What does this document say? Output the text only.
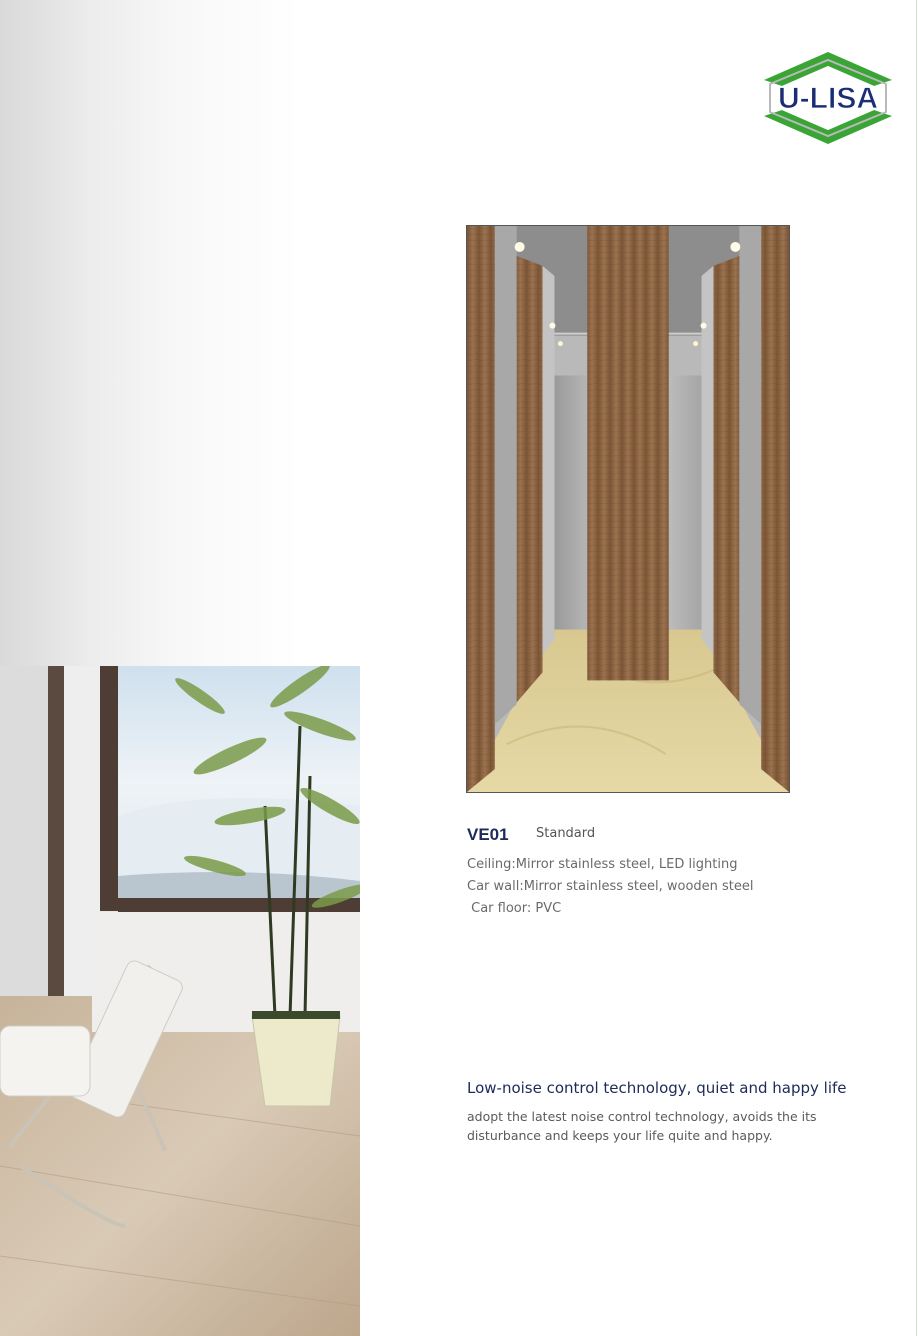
U-LISA
VE01 Standard
Ceiling:Mirror stainless steel, LED lighting
Car wall:Mirror stainless steel, wooden steel
Car floor: PVC
Low-noise control technology, quiet and happy life
adopt the latest noise control technology, avoids the its disturbance and keeps your life quite and happy.
